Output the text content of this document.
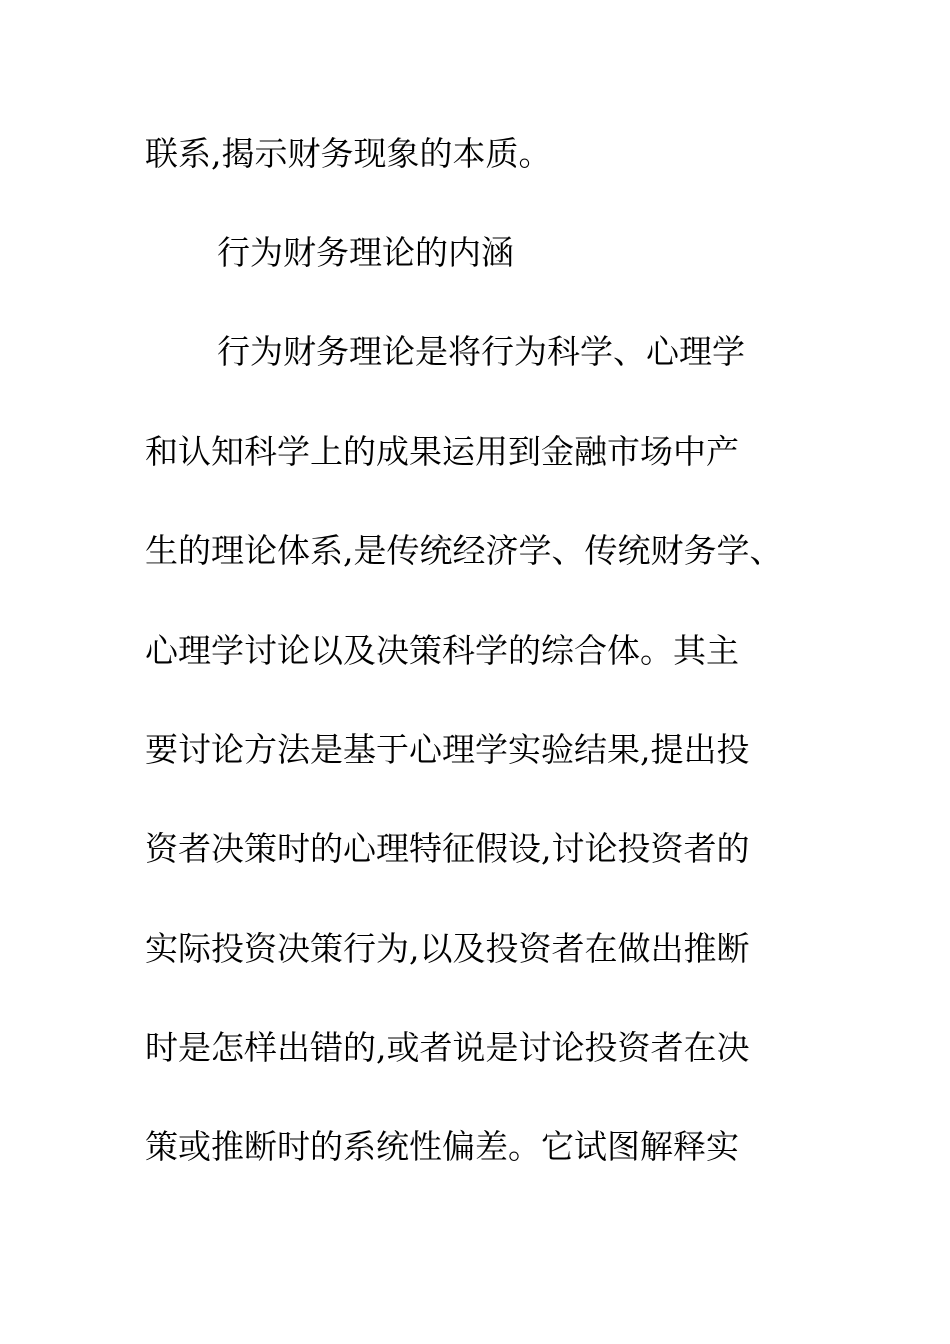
联系,揭示财务现象的本质。
行为财务理论的内涵
行为财务理论是将行为科学、心理学
和认知科学上的成果运用到金融市场中产
生的理论体系,是传统经济学、传统财务学、
心理学讨论以及决策科学的综合体。其主
要讨论方法是基于心理学实验结果,提出投
资者决策时的心理特征假设,讨论投资者的
实际投资决策行为,以及投资者在做出推断
时是怎样出错的,或者说是讨论投资者在决
策或推断时的系统性偏差。它试图解释实
